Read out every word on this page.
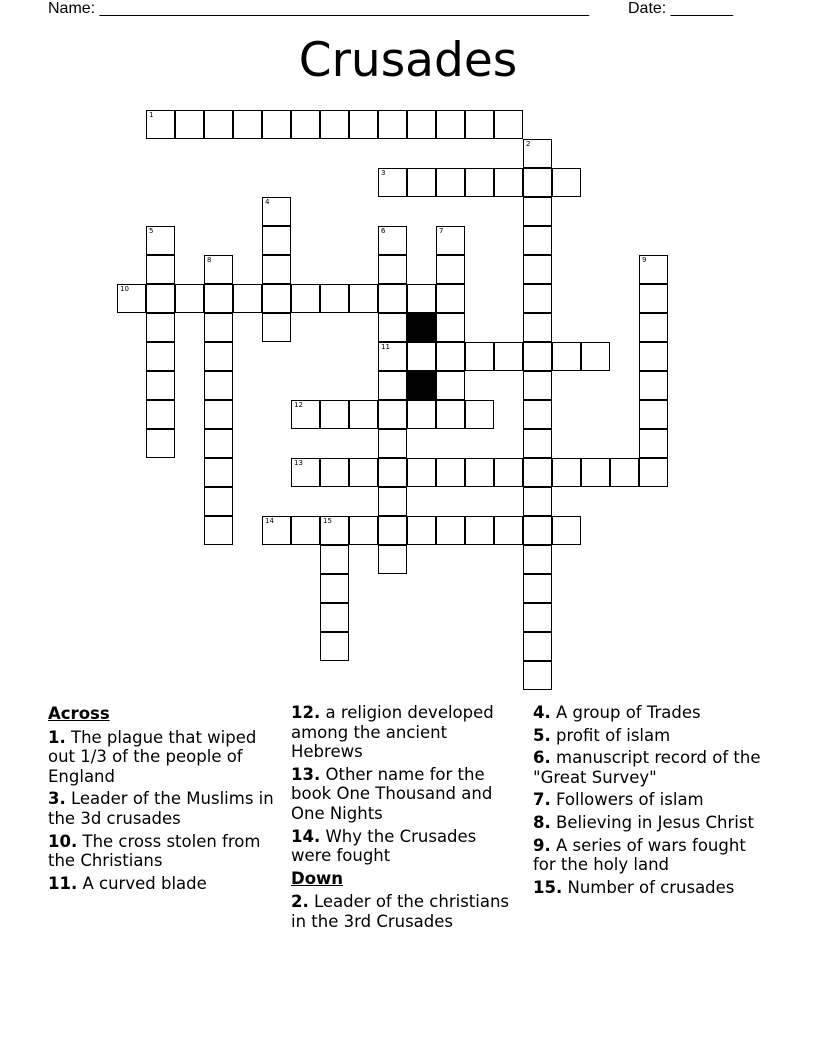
Name: _______________________________________________________ Date: _______
Crusades
1
2
3
4
5	6	7
8	9
10
11
12
13
14	15
Across
1. The plague that wiped out 1/3 of the people of England
3. Leader of the Muslims in the 3d crusades
10. The cross stolen from the Christians
11. A curved blade
12. a religion developed among the ancient Hebrews
13. Other name for the book One Thousand and One Nights
14. Why the Crusades were fought
Down
2. Leader of the christians in the 3rd Crusades
4. A group of Trades
5. profit of islam
6. manuscript record of the "Great Survey"
7. Followers of islam
8. Believing in Jesus Christ
9. A series of wars fought for the holy land
15. Number of crusades
